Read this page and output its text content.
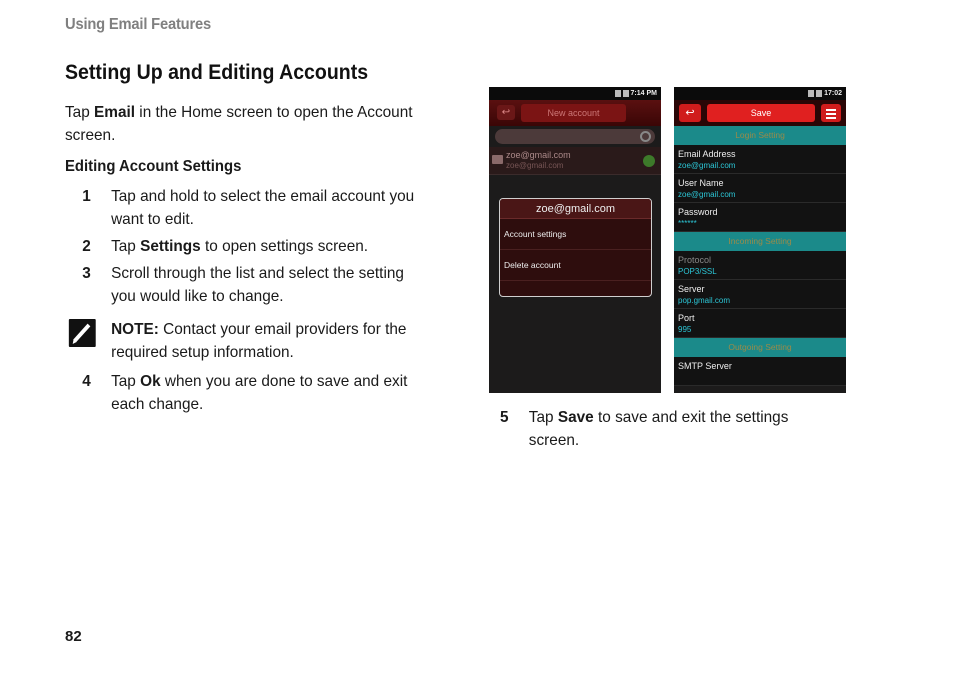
Using Email Features
Setting Up and Editing Accounts

Tap Email in the Home screen to open the Account screen.

Editing Account Settings
1 Tap and hold to select the email account you want to edit.
2 Tap Settings to open settings screen.
3 Scroll through the list and select the setting you would like to change.
NOTE: Contact your email providers for the required setup information.
4 Tap Ok when you are done to save and exit each change.
7:14 PM
↩	New account
zoe@gmail.com
zoe@gmail.com
zoe@gmail.com
Account settings
Delete account
17:02
↩	Save
Login Setting
Email Address
zoe@gmail.com
User Name
zoe@gmail.com
Password
******
Incoming Setting
Protocol
POP3/SSL
Server
pop.gmail.com
Port
995
Outgoing Setting
SMTP Server
5 Tap Save to save and exit the settings screen.
82
